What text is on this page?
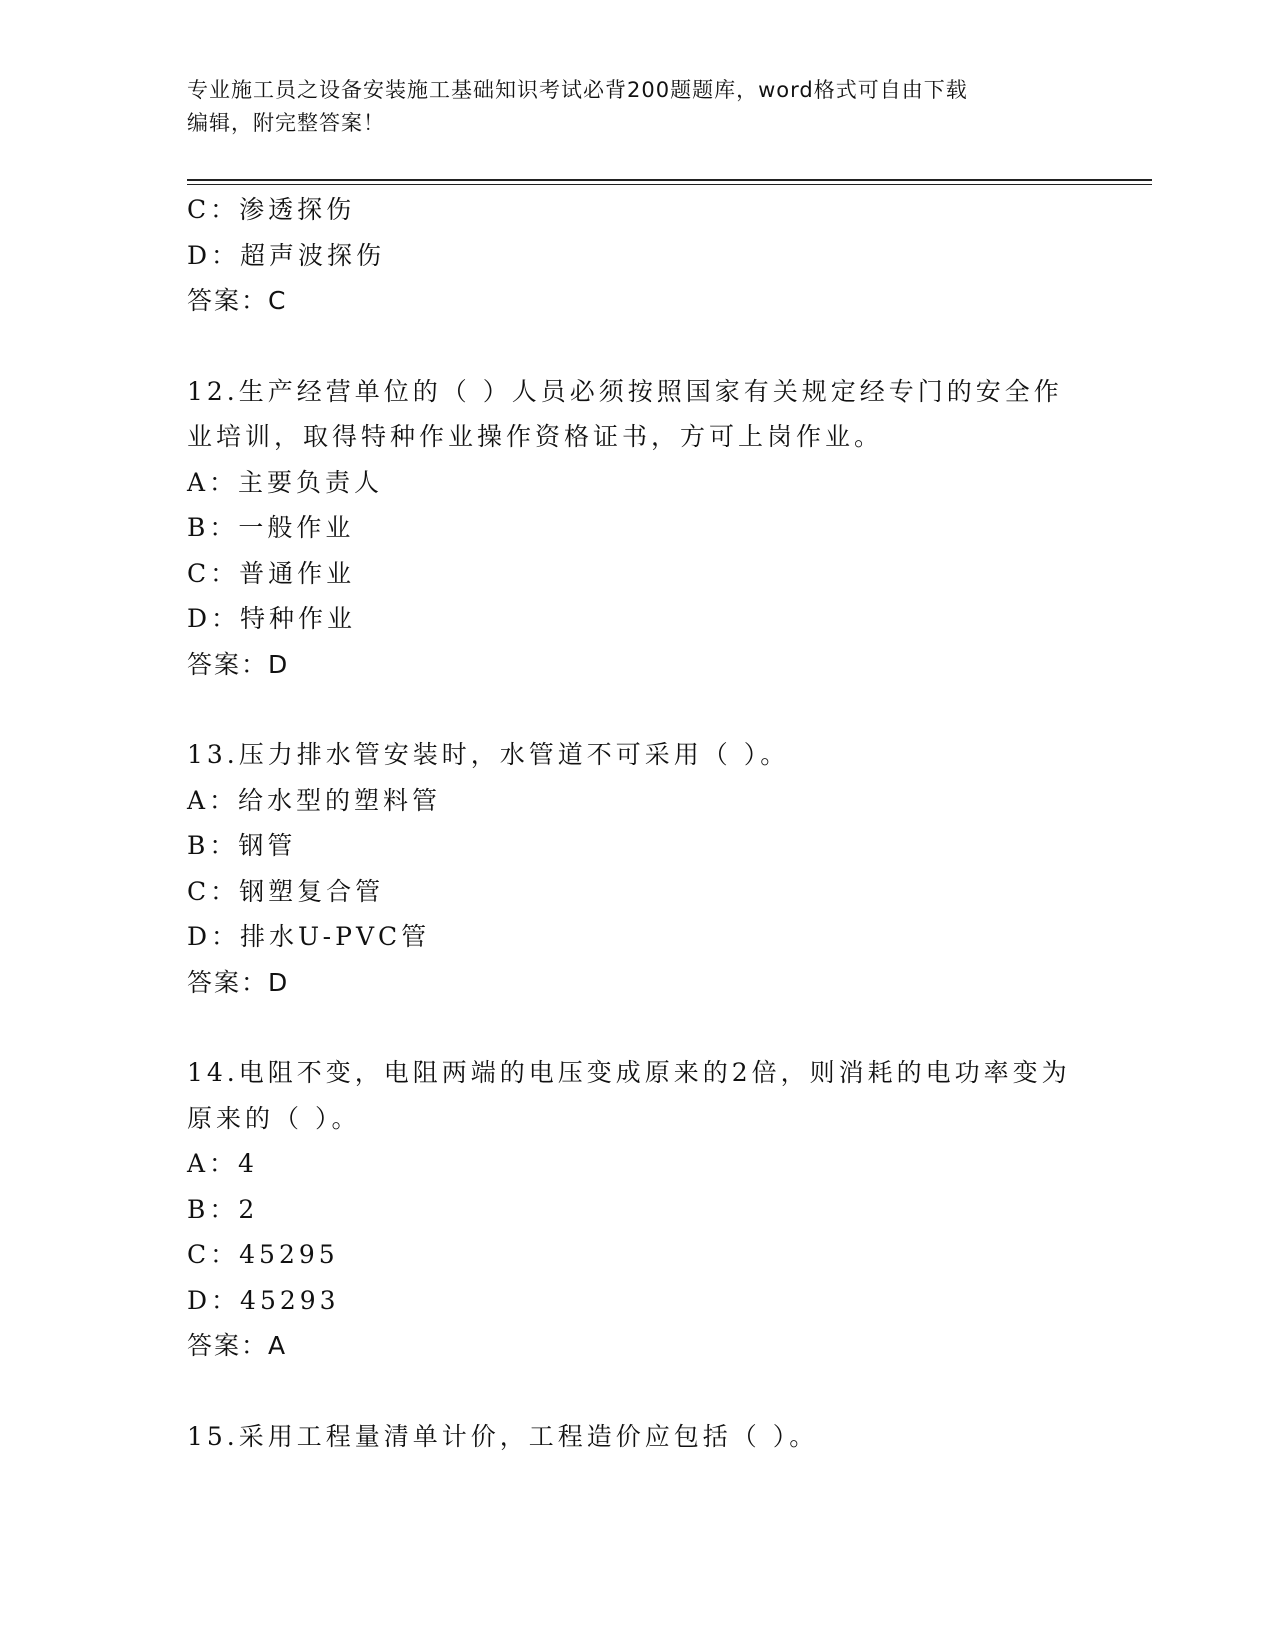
专业施工员之设备安装施工基础知识考试必背200题题库，word格式可自由下载
编辑，附完整答案！
C：渗透探伤
D：超声波探伤
答案：C
12.生产经营单位的（ ）人员必须按照国家有关规定经专门的安全作
业培训，取得特种作业操作资格证书，方可上岗作业。
A：主要负责人
B：一般作业
C：普通作业
D：特种作业
答案：D
13.压力排水管安装时，水管道不可采用（ ）。
A：给水型的塑料管
B：钢管
C：钢塑复合管
D：排水U-PVC管
答案：D
14.电阻不变，电阻两端的电压变成原来的2倍，则消耗的电功率变为
原来的（ ）。
A：4
B：2
C：45295
D：45293
答案：A
15.采用工程量清单计价，工程造价应包括（ ）。
